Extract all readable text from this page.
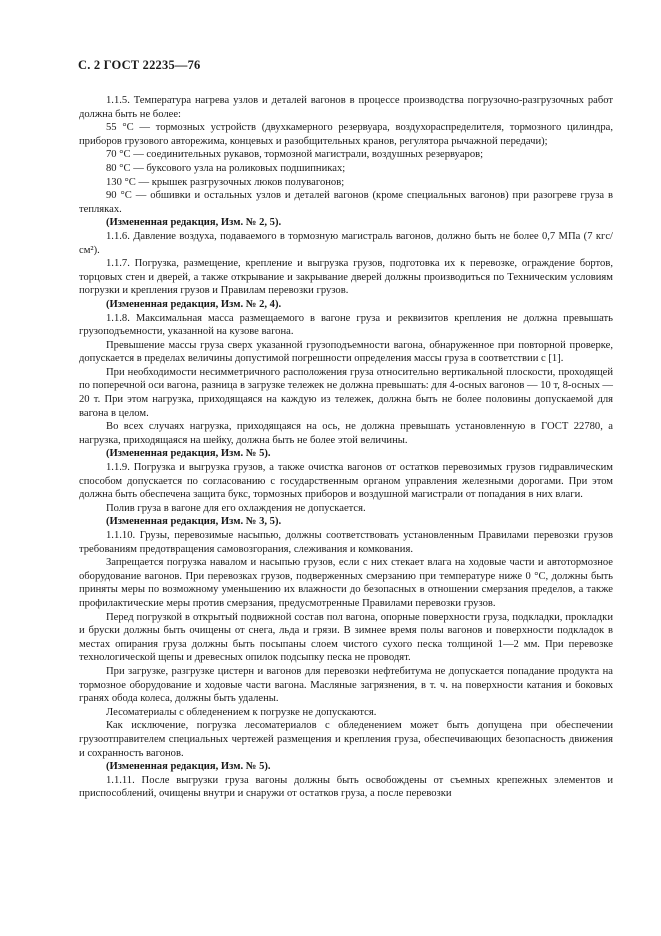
С. 2 ГОСТ 22235—76

1.1.5. Температура нагрева узлов и деталей вагонов в процессе производства погрузочно-разгрузочных работ должна быть не более:

55 °С — тормозных устройств (двухкамерного резервуара, воздухораспределителя, тормозного цилиндра, приборов грузового авторежима, концевых и разобщительных кранов, регулятора рычажной передачи);

70 °С — соединительных рукавов, тормозной магистрали, воздушных резервуаров;

80 °С — буксового узла на роликовых подшипниках;

130 °С — крышек разгрузочных люков полувагонов;

90 °С — обшивки и остальных узлов и деталей вагонов (кроме специальных вагонов) при разогреве груза в тепляках.

(Измененная редакция, Изм. № 2, 5).

1.1.6. Давление воздуха, подаваемого в тормозную магистраль вагонов, должно быть не более 0,7 МПа (7 кгс/см²).

1.1.7. Погрузка, размещение, крепление и выгрузка грузов, подготовка их к перевозке, ограждение бортов, торцовых стен и дверей, а также открывание и закрывание дверей должны производиться по Техническим условиям погрузки и крепления грузов и Правилам перевозки грузов.

(Измененная редакция, Изм. № 2, 4).

1.1.8. Максимальная масса размещаемого в вагоне груза и реквизитов крепления не должна превышать грузоподъемности, указанной на кузове вагона.

Превышение массы груза сверх указанной грузоподъемности вагона, обнаруженное при повторной проверке, допускается в пределах величины допустимой погрешности определения массы груза в соответствии с [1].

При необходимости несимметричного расположения груза относительно вертикальной плоскости, проходящей по поперечной оси вагона, разница в загрузке тележек не должна превышать: для 4-осных вагонов — 10 т, 8-осных — 20 т. При этом нагрузка, приходящаяся на каждую из тележек, должна быть не более половины допускаемой для вагона в целом.

Во всех случаях нагрузка, приходящаяся на ось, не должна превышать установленную в ГОСТ 22780, а нагрузка, приходящаяся на шейку, должна быть не более этой величины.

(Измененная редакция, Изм. № 5).

1.1.9. Погрузка и выгрузка грузов, а также очистка вагонов от остатков перевозимых грузов гидравлическим способом допускается по согласованию с государственным органом управления железными дорогами. При этом должна быть обеспечена защита букс, тормозных приборов и воздушной магистрали от попадания в них влаги.

Полив груза в вагоне для его охлаждения не допускается.

(Измененная редакция, Изм. № 3, 5).

1.1.10. Грузы, перевозимые насыпью, должны соответствовать установленным Правилами перевозки грузов требованиям предотвращения самовозгорания, слеживания и комкования.

Запрещается погрузка навалом и насыпью грузов, если с них стекает влага на ходовые части и автотормозное оборудование вагонов. При перевозках грузов, подверженных смерзанию при температуре ниже 0 °С, должны быть приняты меры по возможному уменьшению их влажности до безопасных в отношении смерзания пределов, а также профилактические меры против смерзания, предусмотренные Правилами перевозки грузов.

Перед погрузкой в открытый подвижной состав пол вагона, опорные поверхности груза, подкладки, прокладки и бруски должны быть очищены от снега, льда и грязи. В зимнее время полы вагонов и поверхности подкладок в местах опирания груза должны быть посыпаны слоем чистого сухого песка толщиной 1—2 мм. При перевозке технологической щепы и древесных опилок подсыпку песка не проводят.

При загрузке, разгрузке цистерн и вагонов для перевозки нефтебитума не допускается попадание продукта на тормозное оборудование и ходовые части вагона. Масляные загрязнения, в т. ч. на поверхности катания и боковых гранях обода колеса, должны быть удалены.

Лесоматериалы с обледенением к погрузке не допускаются.

Как исключение, погрузка лесоматериалов с обледенением может быть допущена при обеспечении грузоотправителем специальных чертежей размещения и крепления груза, обеспечивающих безопасность движения и сохранность вагонов.

(Измененная редакция, Изм. № 5).

1.1.11. После выгрузки груза вагоны должны быть освобождены от съемных крепежных элементов и приспособлений, очищены внутри и снаружи от остатков груза, а после перевозки
